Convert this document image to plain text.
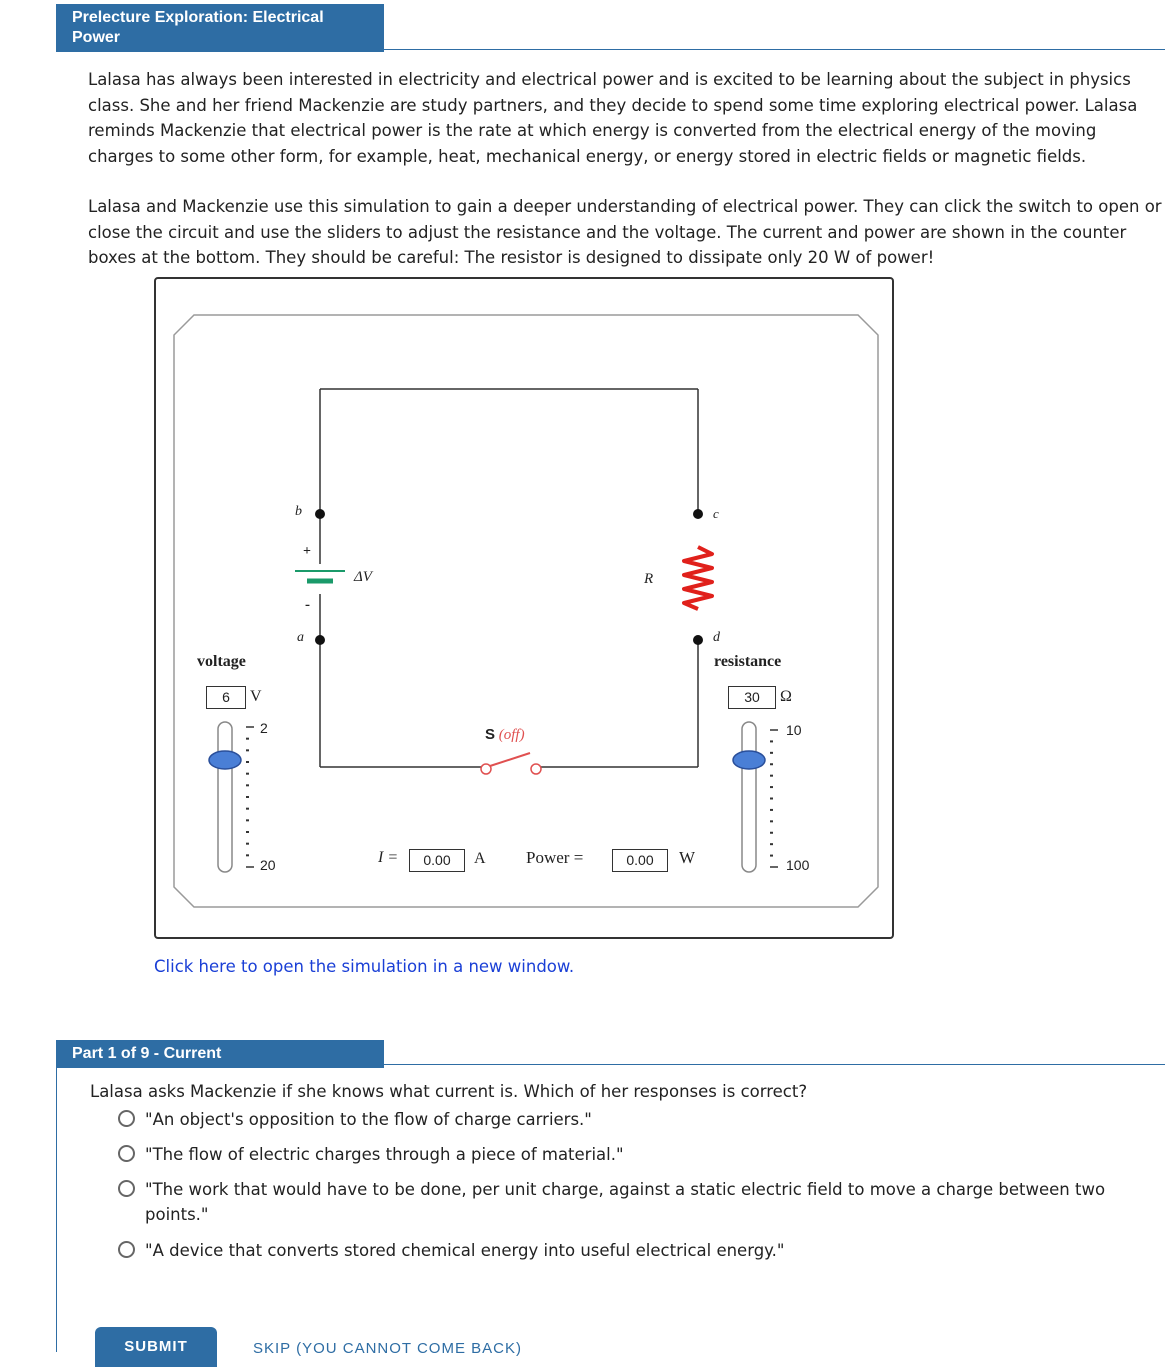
Prelecture Exploration: Electrical Power
Lalasa has always been interested in electricity and electrical power and is excited to be learning about the subject in physics class. She and her friend Mackenzie are study partners, and they decide to spend some time exploring electrical power. Lalasa reminds Mackenzie that electrical power is the rate at which energy is converted from the electrical energy of the moving charges to some other form, for example, heat, mechanical energy, or energy stored in electric fields or magnetic fields.
Lalasa and Mackenzie use this simulation to gain a deeper understanding of electrical power. They can click the switch to open or close the circuit and use the sliders to adjust the resistance and the voltage. The current and power are shown in the counter boxes at the bottom. They should be careful: The resistor is designed to dissipate only 20 W of power!
b
a
c
d
+
-
ΔV	R
S (off)
voltage
6	V
2
20
resistance
30	Ω
10
100
I =	0.00	A Power =	0.00	W
Click here to open the simulation in a new window.
Part 1 of 9 - Current
Lalasa asks Mackenzie if she knows what current is. Which of her responses is correct?
"An object's opposition to the flow of charge carriers."
"The flow of electric charges through a piece of material."
"The work that would have to be done, per unit charge, against a static electric field to move a charge between two points."
"A device that converts stored chemical energy into useful electrical energy."
SUBMIT	SKIP (YOU CANNOT COME BACK)
